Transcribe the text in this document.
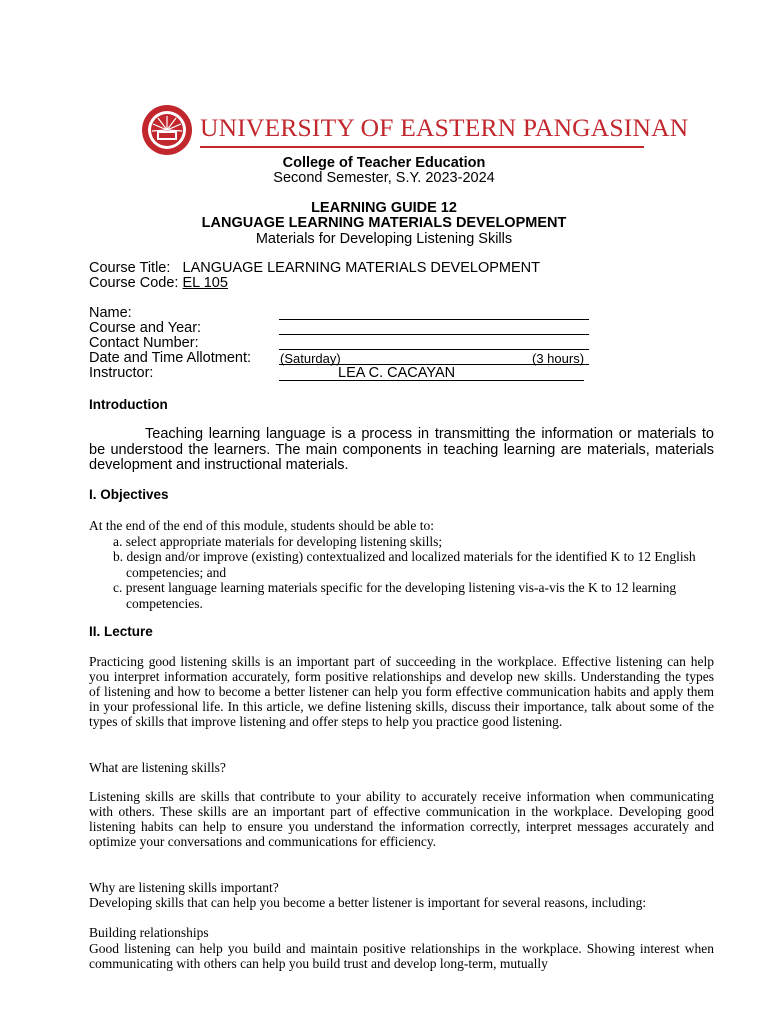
UNIVERSITY OF EASTERN PANGASINAN
College of Teacher Education
Second Semester, S.Y. 2023-2024
LEARNING GUIDE 12
LANGUAGE LEARNING MATERIALS DEVELOPMENT
Materials for Developing Listening Skills
Course Title: LANGUAGE LEARNING MATERIALS DEVELOPMENT
Course Code: EL 105
Name:
Course and Year:
Contact Number:
Date and Time Allotment: (Saturday)	(3 hours)
Instructor:	LEA C. CACAYAN
Introduction
Teaching learning language is a process in transmitting the information or materials to be understood the learners. The main components in teaching learning are materials, materials development and instructional materials.
I. Objectives
At the end of the end of this module, students should be able to:
a. select appropriate materials for developing listening skills;
b. design and/or improve (existing) contextualized and localized materials for the identified K to 12 English competencies; and
c. present language learning materials specific for the developing listening vis-a-vis the K to 12 learning competencies.
II. Lecture
Practicing good listening skills is an important part of succeeding in the workplace. Effective listening can help you interpret information accurately, form positive relationships and develop new skills. Understanding the types of listening and how to become a better listener can help you form effective communication habits and apply them in your professional life. In this article, we define listening skills, discuss their importance, talk about some of the types of skills that improve listening and offer steps to help you practice good listening.
What are listening skills?
Listening skills are skills that contribute to your ability to accurately receive information when communicating with others. These skills are an important part of effective communication in the workplace. Developing good listening habits can help to ensure you understand the information correctly, interpret messages accurately and optimize your conversations and communications for efficiency.
Why are listening skills important?
Developing skills that can help you become a better listener is important for several reasons, including:
Building relationships
Good listening can help you build and maintain positive relationships in the workplace. Showing interest when communicating with others can help you build trust and develop long-term, mutually
